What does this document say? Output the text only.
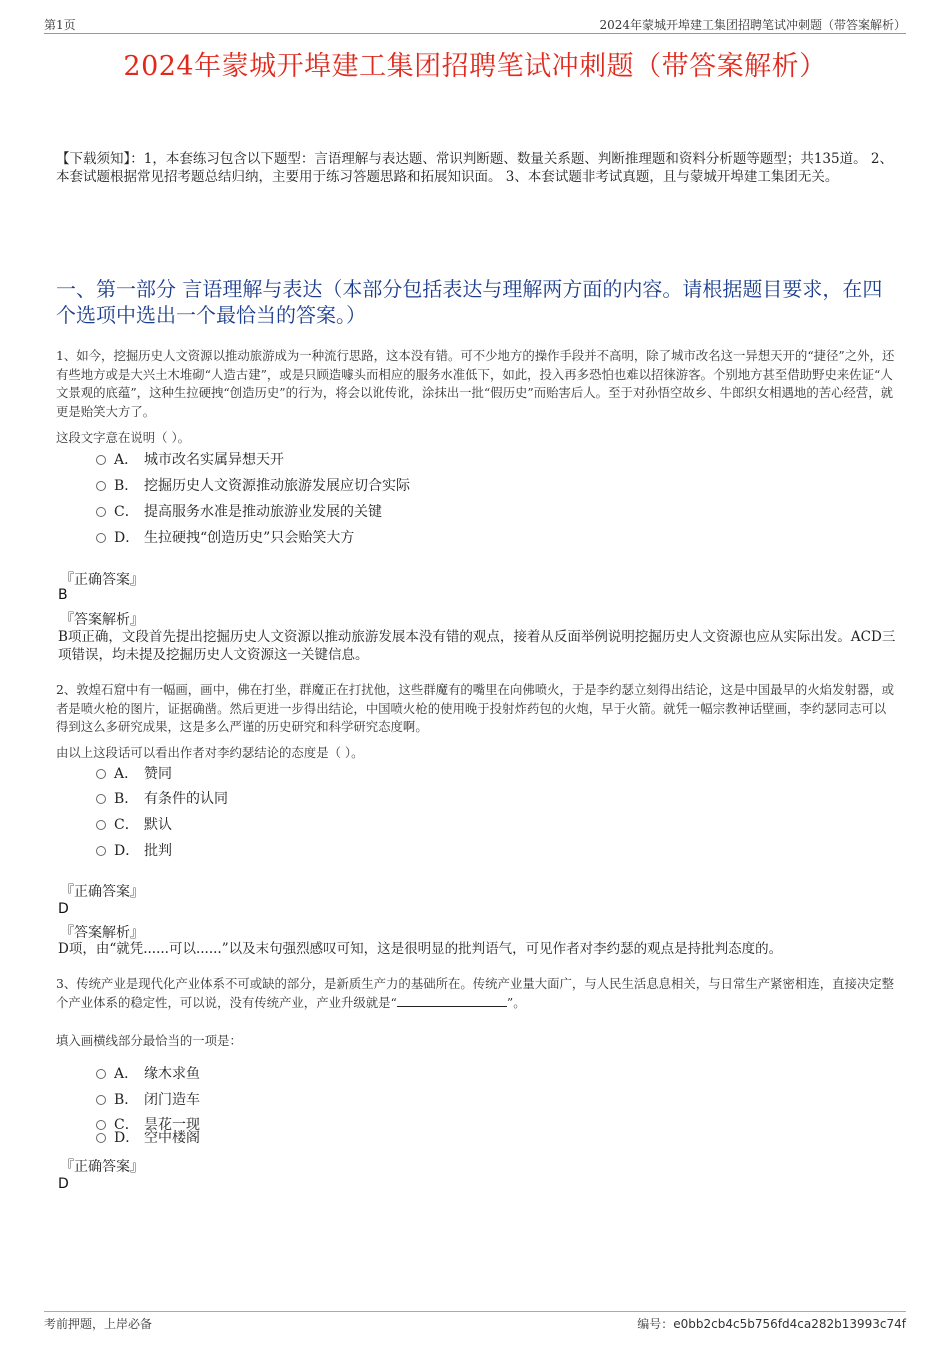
第1页	2024年蒙城开埠建工集团招聘笔试冲刺题（带答案解析）
2024年蒙城开埠建工集团招聘笔试冲刺题（带答案解析）
【下载须知】：1，本套练习包含以下题型：言语理解与表达题、常识判断题、数量关系题、判断推理题和资料分析题等题型；共135道。 2、本套试题根据常见招考题总结归纳，主要用于练习答题思路和拓展知识面。 3、本套试题非考试真题，且与蒙城开埠建工集团无关。
一、第一部分 言语理解与表达（本部分包括表达与理解两方面的内容。请根据题目要求，在四个选项中选出一个最恰当的答案。）
1、如今，挖掘历史人文资源以推动旅游成为一种流行思路，这本没有错。可不少地方的操作手段并不高明，除了城市改名这一异想天开的“捷径”之外，还有些地方或是大兴土木堆砌“人造古建”，或是只顾造噱头而相应的服务水准低下，如此，投入再多恐怕也难以招徕游客。个别地方甚至借助野史来佐证“人文景观的底蕴”，这种生拉硬拽“创造历史”的行为，将会以讹传讹，涂抹出一批“假历史”而贻害后人。至于对孙悟空故乡、牛郎织女相遇地的苦心经营，就更是贻笑大方了。
这段文字意在说明（ ）。
A． 城市改名实属异想天开
B． 挖掘历史人文资源推动旅游发展应切合实际
C． 提高服务水准是推动旅游业发展的关键
D． 生拉硬拽“创造历史”只会贻笑大方
『正确答案』
B
『答案解析』
B项正确，文段首先提出挖掘历史人文资源以推动旅游发展本没有错的观点，接着从反面举例说明挖掘历史人文资源也应从实际出发。ACD三项错误，均未提及挖掘历史人文资源这一关键信息。
2、敦煌石窟中有一幅画，画中，佛在打坐，群魔正在打扰他，这些群魔有的嘴里在向佛喷火，于是李约瑟立刻得出结论，这是中国最早的火焰发射器，或者是喷火枪的图片，证据确凿。然后更进一步得出结论，中国喷火枪的使用晚于投射炸药包的火炮，早于火箭。就凭一幅宗教神话壁画，李约瑟同志可以得到这么多研究成果，这是多么严谨的历史研究和科学研究态度啊。
由以上这段话可以看出作者对李约瑟结论的态度是（ ）。
A． 赞同
B． 有条件的认同
C． 默认
D． 批判
『正确答案』
D
『答案解析』
D项，由“就凭......可以......”以及末句强烈感叹可知，这是很明显的批判语气，可见作者对李约瑟的观点是持批判态度的。
3、传统产业是现代化产业体系不可或缺的部分，是新质生产力的基础所在。传统产业量大面广，与人民生活息息相关，与日常生产紧密相连，直接决定整个产业体系的稳定性，可以说，没有传统产业，产业升级就是“	”。
填入画横线部分最恰当的一项是：
A． 缘木求鱼
B． 闭门造车
C． 昙花一现
D． 空中楼阁
『正确答案』
D
考前押题，上岸必备	编号：e0bb2cb4c5b756fd4ca282b13993c74f
